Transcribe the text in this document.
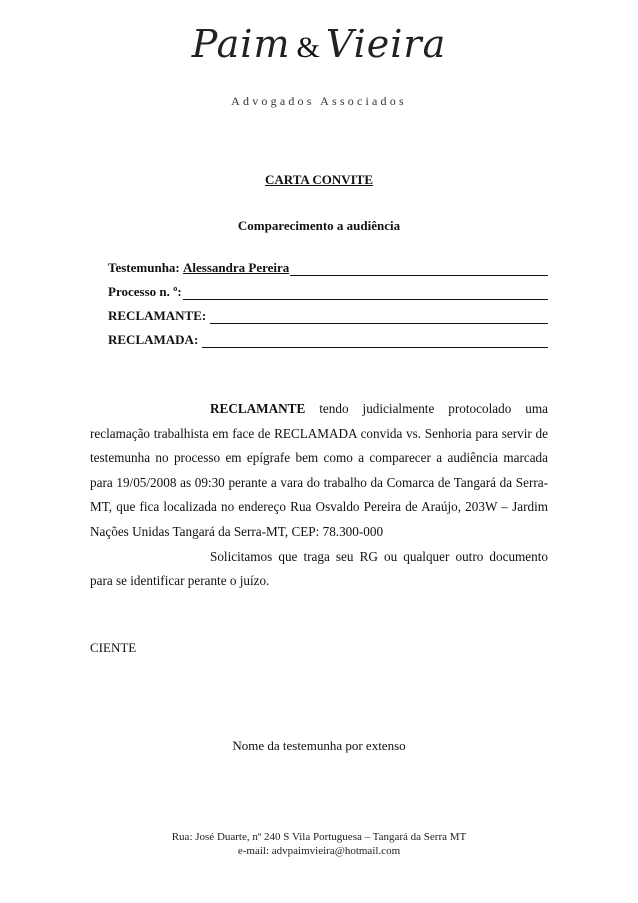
Paim & Vieira
Advogados Associados
CARTA CONVITE
Comparecimento a audiência
Testemunha:
Alessandra Pereira
Processo n. º:
RECLAMANTE:
RECLAMADA:

RECLAMANTE tendo judicialmente protocolado uma reclamação trabalhista em face de RECLAMADA convida vs. Senhoria para servir de testemunha no processo em epígrafe bem como a comparecer a audiência marcada para 19/05/2008 as 09:30 perante a vara do trabalho da Comarca de Tangará da Serra- MT, que fica localizada no endereço Rua Osvaldo Pereira de Araújo, 203W – Jardim Nações Unidas Tangará da Serra-MT, CEP: 78.300-000

Solicitamos que traga seu RG ou qualquer outro documento para se identificar perante o juízo.

CIENTE
Nome da testemunha por extenso
Rua: José Duarte, nº 240 S Vila Portuguesa – Tangará da Serra MT
e-mail: advpaimvieira@hotmail.com
